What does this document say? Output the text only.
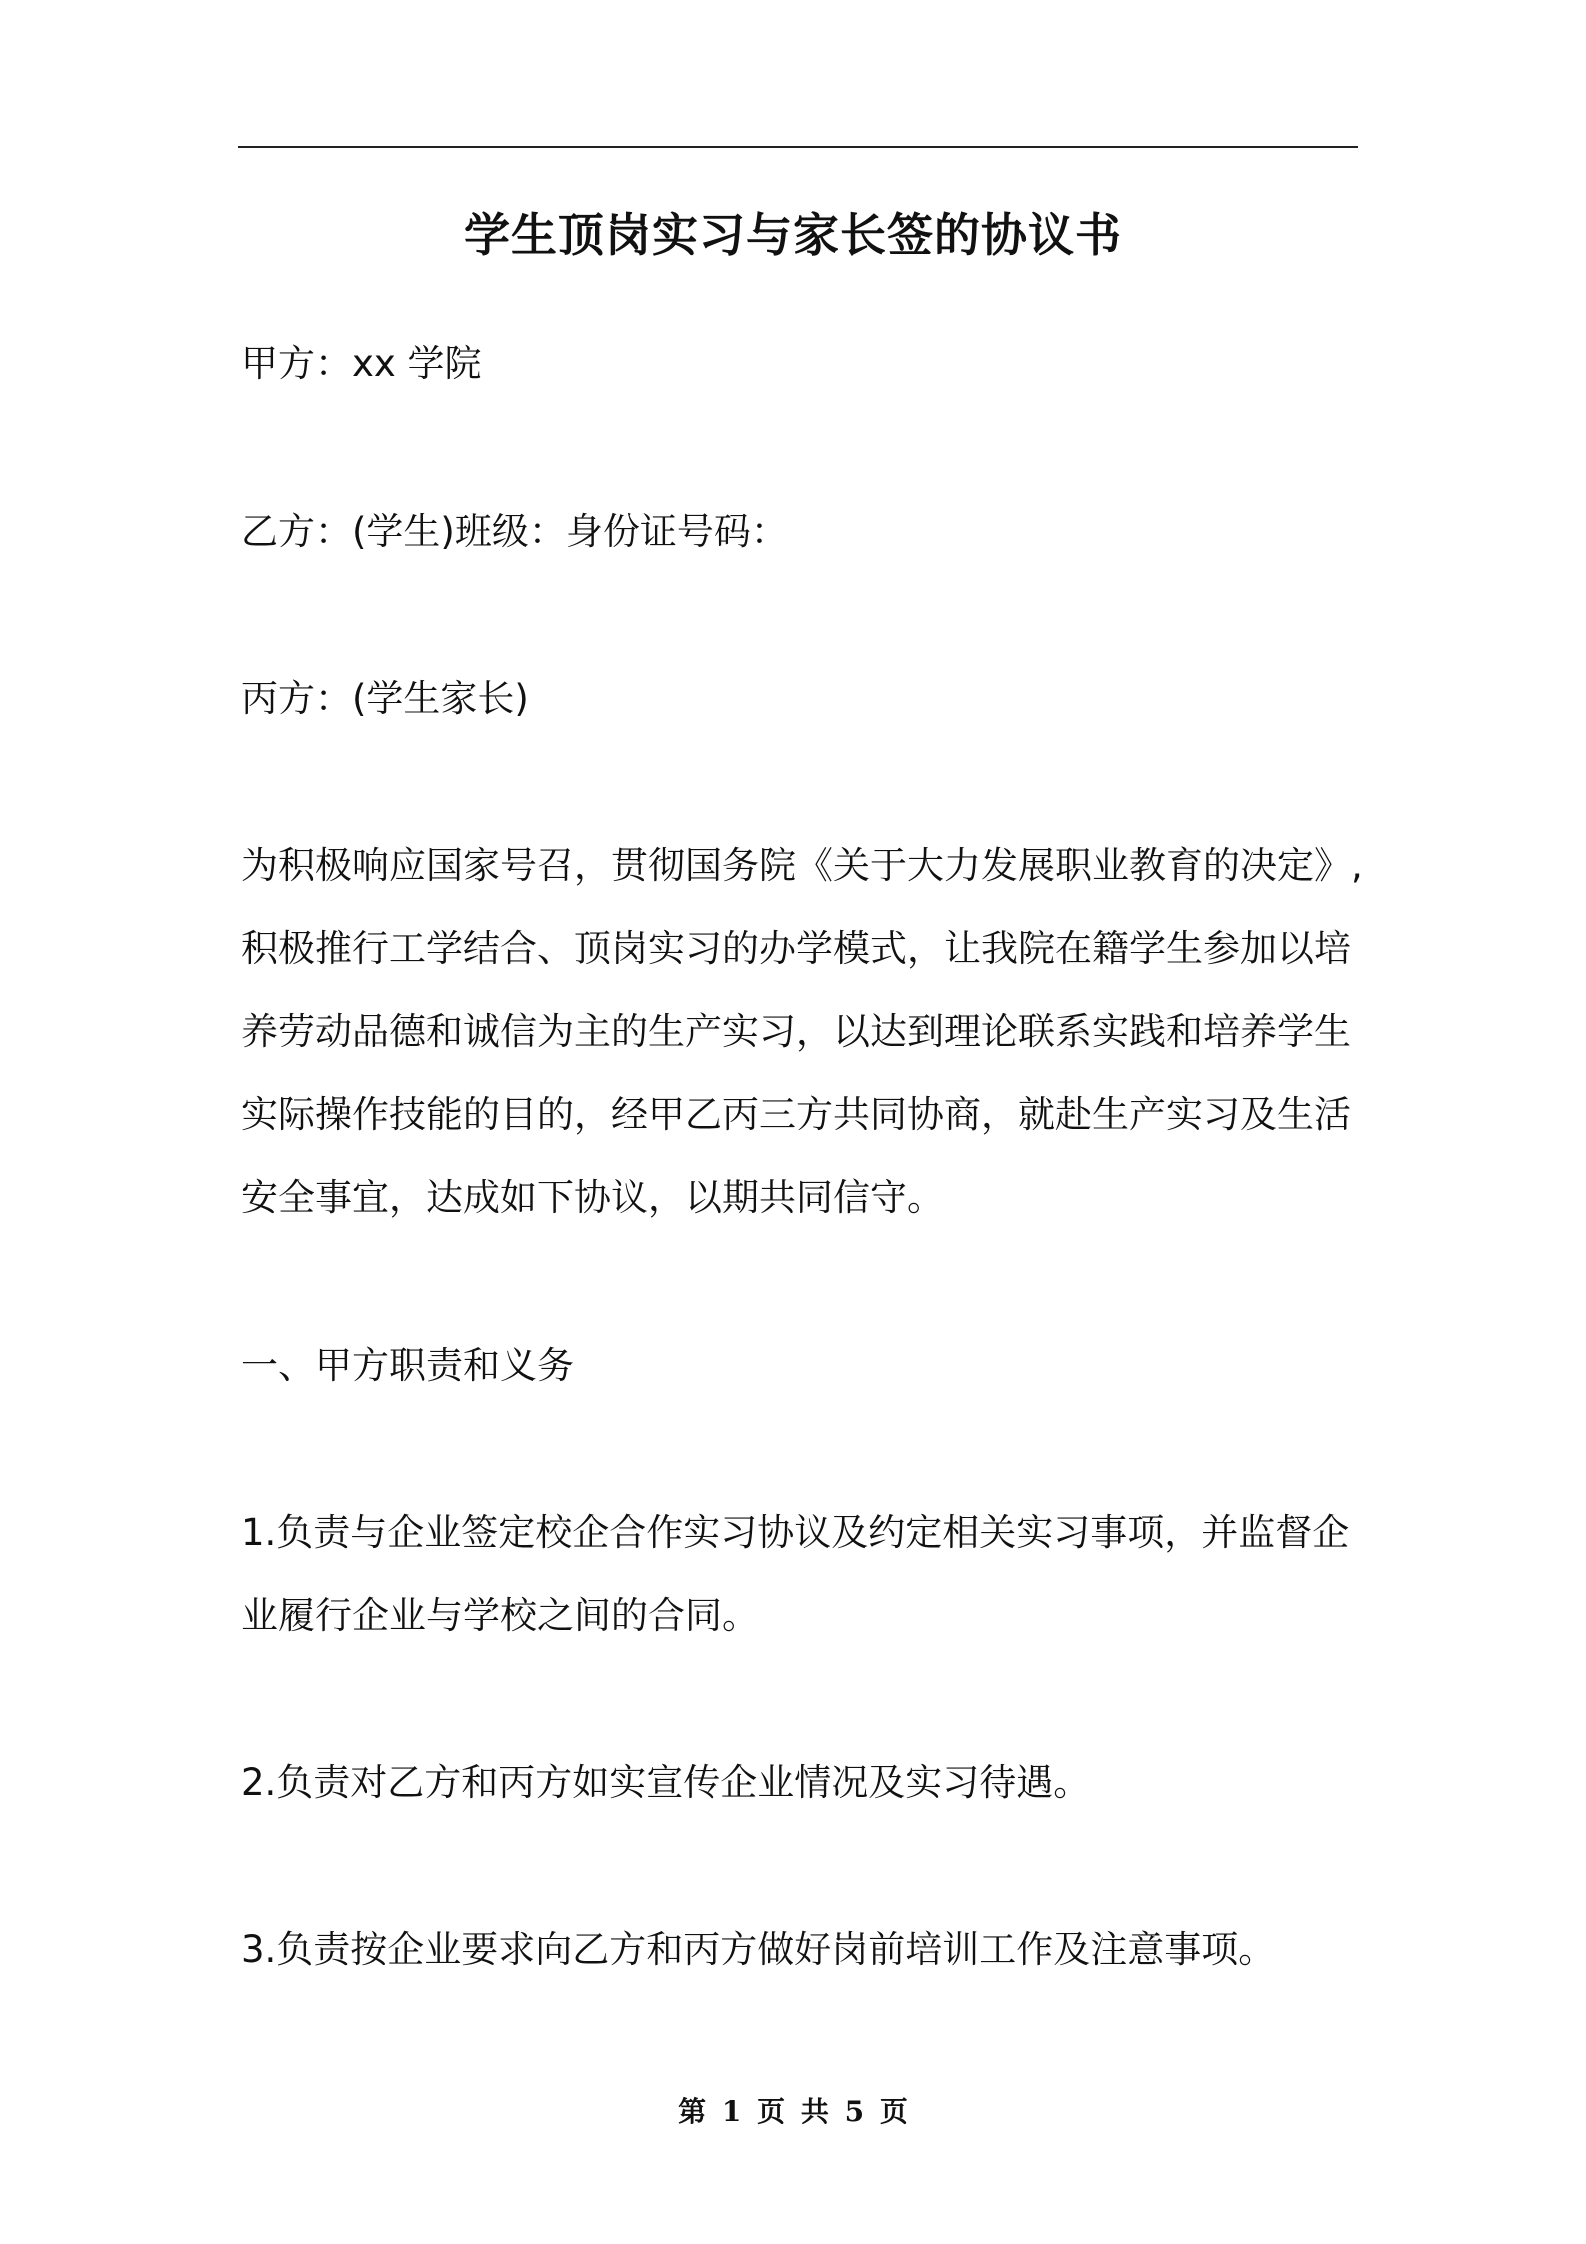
学生顶岗实习与家长签的协议书

甲方：xx 学院

乙方：(学生)班级：身份证号码：

丙方：(学生家长)

为积极响应国家号召，贯彻国务院《关于大力发展职业教育的决定》,
积极推行工学结合、顶岗实习的办学模式，让我院在籍学生参加以培
养劳动品德和诚信为主的生产实习，以达到理论联系实践和培养学生
实际操作技能的目的，经甲乙丙三方共同协商，就赴生产实习及生活
安全事宜，达成如下协议，以期共同信守。

一、甲方职责和义务

1.负责与企业签定校企合作实习协议及约定相关实习事项，并监督企
业履行企业与学校之间的合同。

2.负责对乙方和丙方如实宣传企业情况及实习待遇。

3.负责按企业要求向乙方和丙方做好岗前培训工作及注意事项。

第 1 页 共 5 页
